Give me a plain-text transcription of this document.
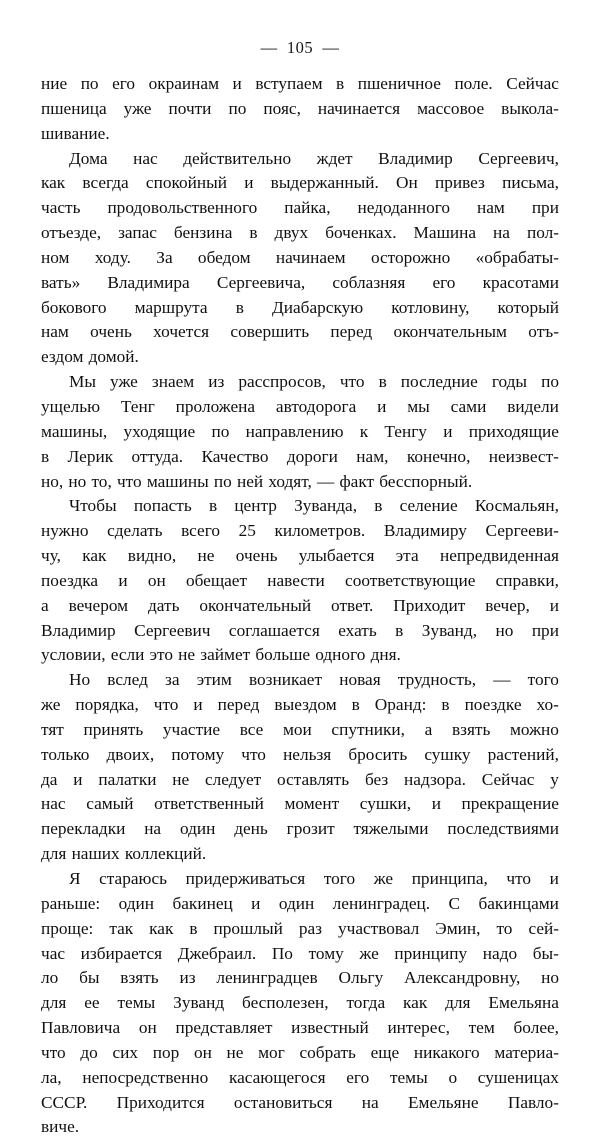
—  105  —
ние по его окраинам и вступаем в пшеничное поле. Сейчас
пшеница уже почти по пояс, начинается массовое выкола-
шивание.
Дома нас действительно ждет Владимир Сергеевич,
как всегда спокойный и выдержанный. Он привез письма,
часть продовольственного пайка, недоданного нам при
отъезде, запас бензина в двух боченках. Машина на пол-
ном ходу. За обедом начинаем осторожно «обрабаты-
вать» Владимира Сергеевича, соблазняя его красотами
бокового маршрута в Диабарскую котловину, который
нам очень хочется совершить перед окончательным отъ-
ездом домой.
Мы уже знаем из расспросов, что в последние годы по
ущелью Тенг проложена автодорога и мы сами видели
машины, уходящие по направлению к Тенгу и приходящие
в Лерик оттуда. Качество дороги нам, конечно, неизвест-
но, но то, что машины по ней ходят, — факт бесспорный.
Чтобы попасть в центр Зуванда, в селение Космальян,
нужно сделать всего 25 километров. Владимиру Сергееви-
чу, как видно, не очень улыбается эта непредвиденная
поездка и он обещает навести соответствующие справки,
а вечером дать окончательный ответ. Приходит вечер, и
Владимир Сергеевич соглашается ехать в Зуванд, но при
условии, если это не займет больше одного дня.
Но вслед за этим возникает новая трудность, — того
же порядка, что и перед выездом в Оранд: в поездке хо-
тят принять участие все мои спутники, а взять можно
только двоих, потому что нельзя бросить сушку растений,
да и палатки не следует оставлять без надзора. Сейчас у
нас самый ответственный момент сушки, и прекращение
перекладки на один день грозит тяжелыми последствиями
для наших коллекций.
Я стараюсь придерживаться того же принципа, что и
раньше: один бакинец и один ленинградец. С бакинцами
проще: так как в прошлый раз участвовал Эмин, то сей-
час избирается Джебраил. По тому же принципу надо бы-
ло бы взять из ленинградцев Ольгу Александровну, но
для ее темы Зуванд бесполезен, тогда как для Емельяна
Павловича он представляет известный интерес, тем более,
что до сих пор он не мог собрать еще никакого материа-
ла, непосредственно касающегося его темы о сушеницах
СССР. Приходится остановиться на Емельяне Павло-
виче.
